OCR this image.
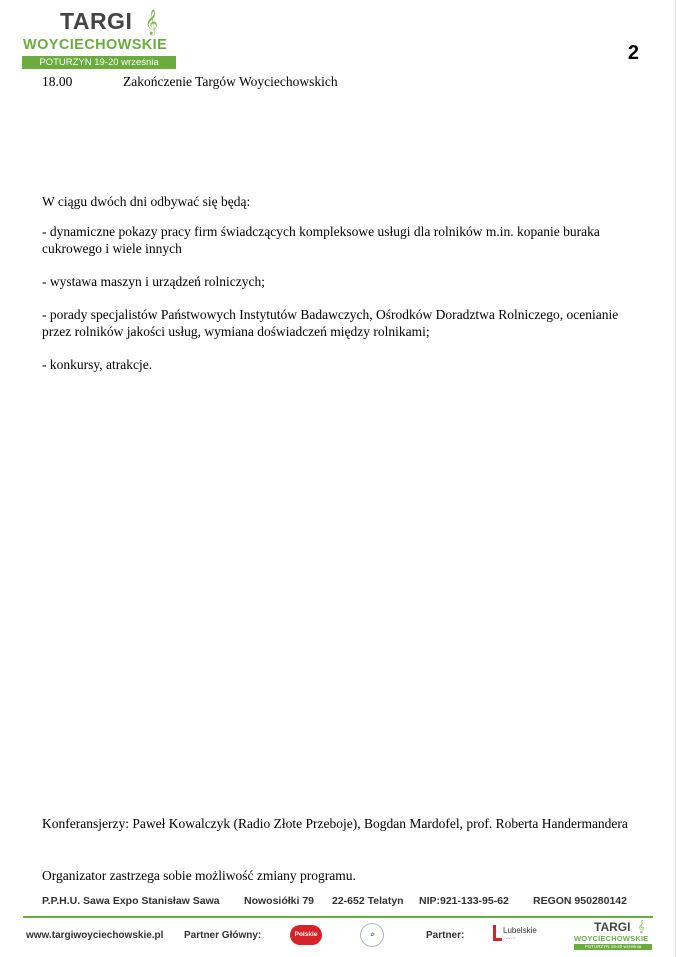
TARGI 𝄞
WOYCIECHOWSKIE
POTURZYN 19-20 września	2
18.00	Zakończenie Targów Woyciechowskich

W ciągu dwóch dni odbywać się będą:

- dynamiczne pokazy pracy firm świadczących kompleksowe usługi dla rolników m.in. kopanie buraka cukrowego i wiele innych

- wystawa maszyn i urządzeń rolniczych;

- porady specjalistów Państwowych Instytutów Badawczych, Ośrodków Doradztwa Rolniczego, ocenianie przez rolników jakości usług, wymiana doświadczeń między rolnikami;

- konkursy, atrakcje.

Konferansjerzy: Paweł Kowalczyk (Radio Złote Przeboje), Bogdan Mardofel, prof. Roberta Handermandera
Organizator zastrzega sobie możliwość zmiany programu.
P.P.H.U. Sawa Expo Stanisław Sawa Nowosiółki 79 22-652 Telatyn NIP:921-133-95-62 REGON 950280142
www.targiwoyciechowskie.pl Partner Główny:	Polskie	✿	Partner:	Lubelskie
〰〰
TARGI 𝄞
WOYCIECHOWSKIE
POTURZYN 19-20 września
